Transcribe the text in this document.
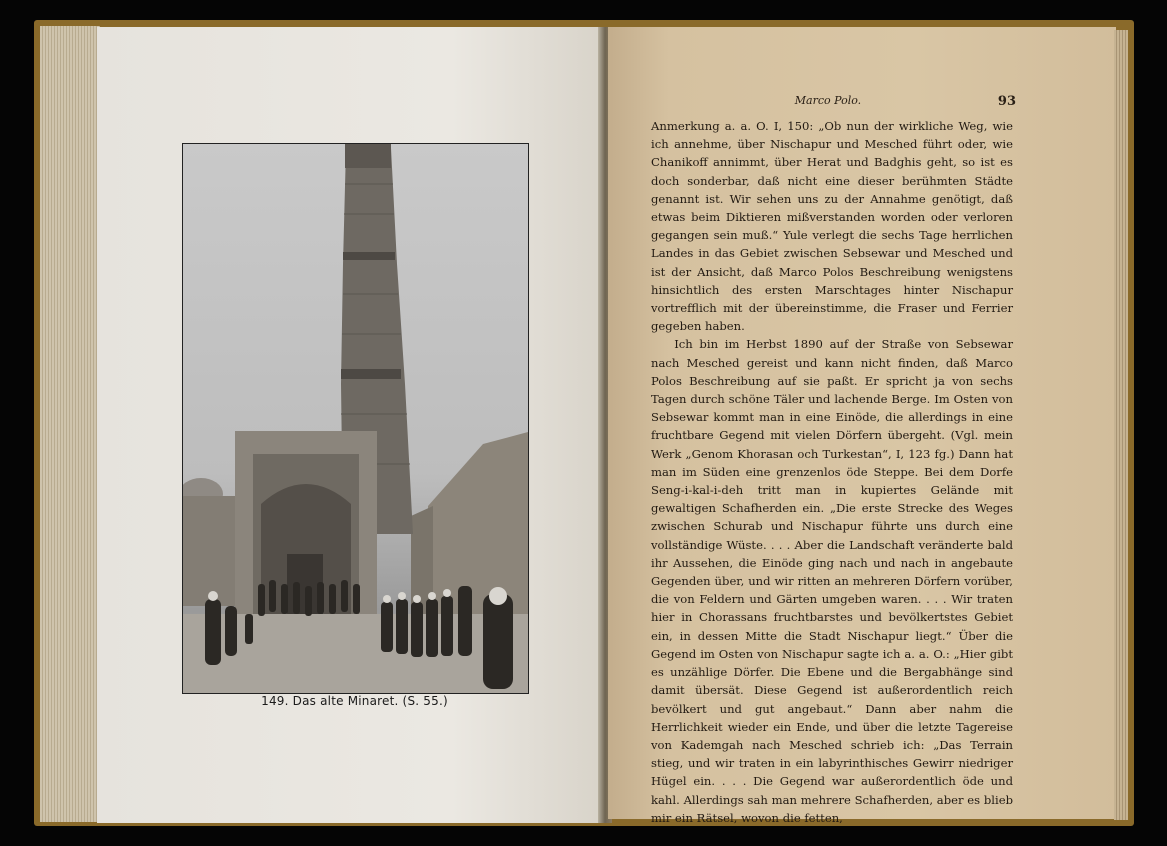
149. Das alte Minaret. (S. 55.)
Marco Polo.	93

Anmerkung a. a. O. I, 150: „Ob nun der wirkliche Weg, wie ich annehme, über Nischapur und Mesched führt oder, wie Chanikoff annimmt, über Herat und Badghis geht, so ist es doch sonderbar, daß nicht eine dieser berühmten Städte genannt ist. Wir sehen uns zu der Annahme genötigt, daß etwas beim Diktieren mißverstanden worden oder verloren gegangen sein muß.“ Yule verlegt die sechs Tage herrlichen Landes in das Gebiet zwischen Sebsewar und Mesched und ist der Ansicht, daß Marco Polos Beschreibung wenigstens hinsichtlich des ersten Marschtages hinter Nischapur vortrefflich mit der übereinstimme, die Fraser und Ferrier gegeben haben.

Ich bin im Herbst 1890 auf der Straße von Sebsewar nach Mesched gereist und kann nicht finden, daß Marco Polos Beschreibung auf sie paßt. Er spricht ja von sechs Tagen durch schöne Täler und lachende Berge. Im Osten von Sebsewar kommt man in eine Einöde, die allerdings in eine fruchtbare Gegend mit vielen Dörfern übergeht. (Vgl. mein Werk „Genom Khorasan och Turkestan“, I, 123 fg.) Dann hat man im Süden eine grenzenlos öde Steppe. Bei dem Dorfe Seng-i-kal-i-deh tritt man in kupiertes Gelände mit gewaltigen Schafherden ein. „Die erste Strecke des Weges zwischen Schurab und Nischapur führte uns durch eine vollständige Wüste. . . . Aber die Landschaft veränderte bald ihr Aussehen, die Einöde ging nach und nach in angebaute Gegenden über, und wir ritten an mehreren Dörfern vorüber, die von Feldern und Gärten umgeben waren. . . . Wir traten hier in Chorassans fruchtbarstes und bevölkertstes Gebiet ein, in dessen Mitte die Stadt Nischapur liegt.“ Über die Gegend im Osten von Nischapur sagte ich a. a. O.: „Hier gibt es unzählige Dörfer. Die Ebene und die Bergabhänge sind damit übersät. Diese Gegend ist außerordentlich reich bevölkert und gut angebaut.“ Dann aber nahm die Herrlichkeit wieder ein Ende, und über die letzte Tagereise von Kademgah nach Mesched schrieb ich: „Das Terrain stieg, und wir traten in ein labyrinthisches Gewirr niedriger Hügel ein. . . . Die Gegend war außerordentlich öde und kahl. Allerdings sah man mehrere Schafherden, aber es blieb mir ein Rätsel, wovon die fetten,
